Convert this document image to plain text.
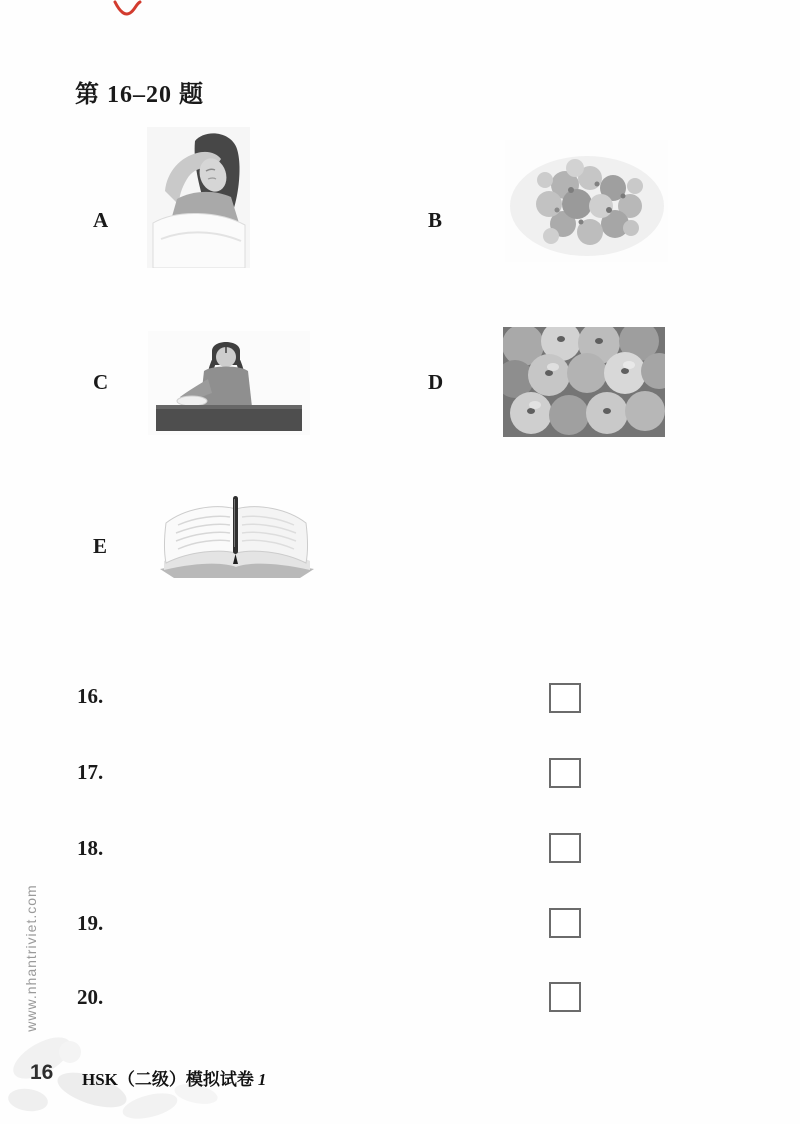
第 16–20 题
A	B
C	D
E
16.
17.
18.
19.
20.
www.nhantriviet.com
16 HSK（二级）模拟试卷 1
